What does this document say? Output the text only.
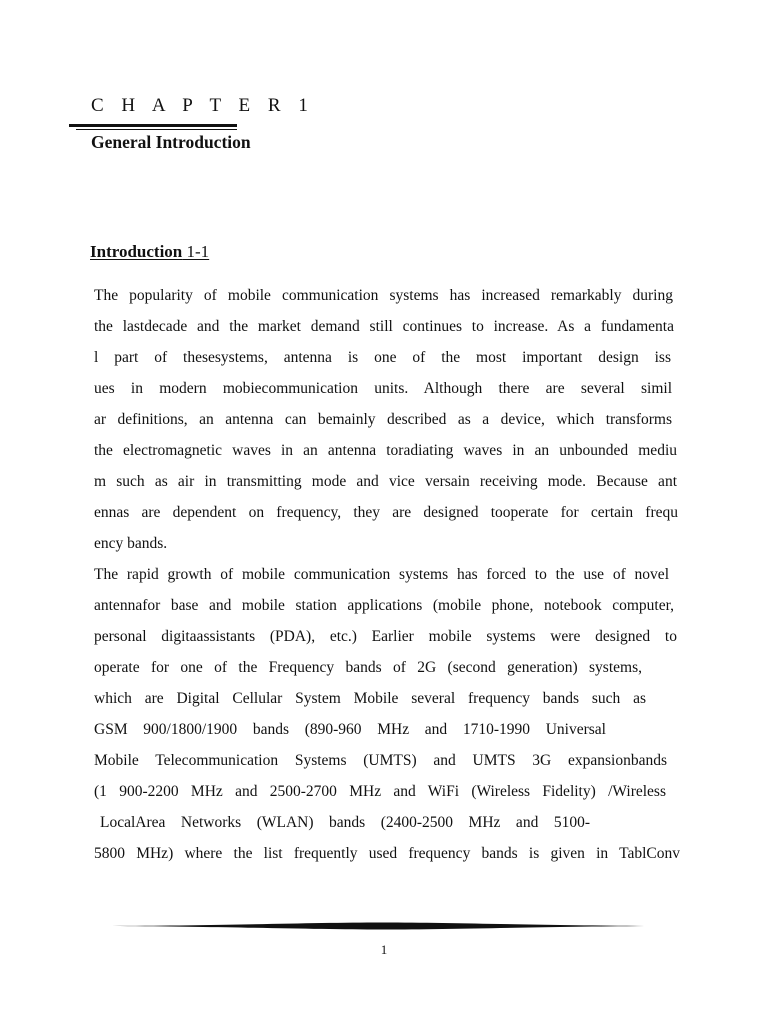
C H A P T E R 1
General Introduction
Introduction 1-1
The popularity of mobile communication systems has increased remarkably during
the lastdecade and the market demand still continues to increase. As a fundamenta
l part of thesesystems, antenna is one of the most important design iss
ues in modern mobiecommunication units. Although there are several simil
ar definitions, an antenna can bemainly described as a device, which transforms
the electromagnetic waves in an antenna toradiating waves in an unbounded mediu
m such as air in transmitting mode and vice versain receiving mode. Because ant
ennas are dependent on frequency, they are designed tooperate for certain frequ
ency bands.
The rapid growth of mobile communication systems has forced to the use of novel
antennafor base and mobile station applications (mobile phone, notebook computer,
personal digitaassistants (PDA), etc.) Earlier mobile systems were designed to
operate for one of the Frequency bands of 2G (second generation) systems,
which are Digital Cellular System Mobile several frequency bands such as
GSM 900/1800/1900 bands (890-960 MHz and 1710-1990 Universal
Mobile Telecommunication Systems (UMTS) and UMTS 3G expansionbands
(1 900-2200 MHz and 2500-2700 MHz and WiFi (Wireless Fidelity) /Wireless
LocalArea Networks (WLAN) bands (2400-2500 MHz and 5100-
5800 MHz) where the list frequently used frequency bands is given in TablConv
1
